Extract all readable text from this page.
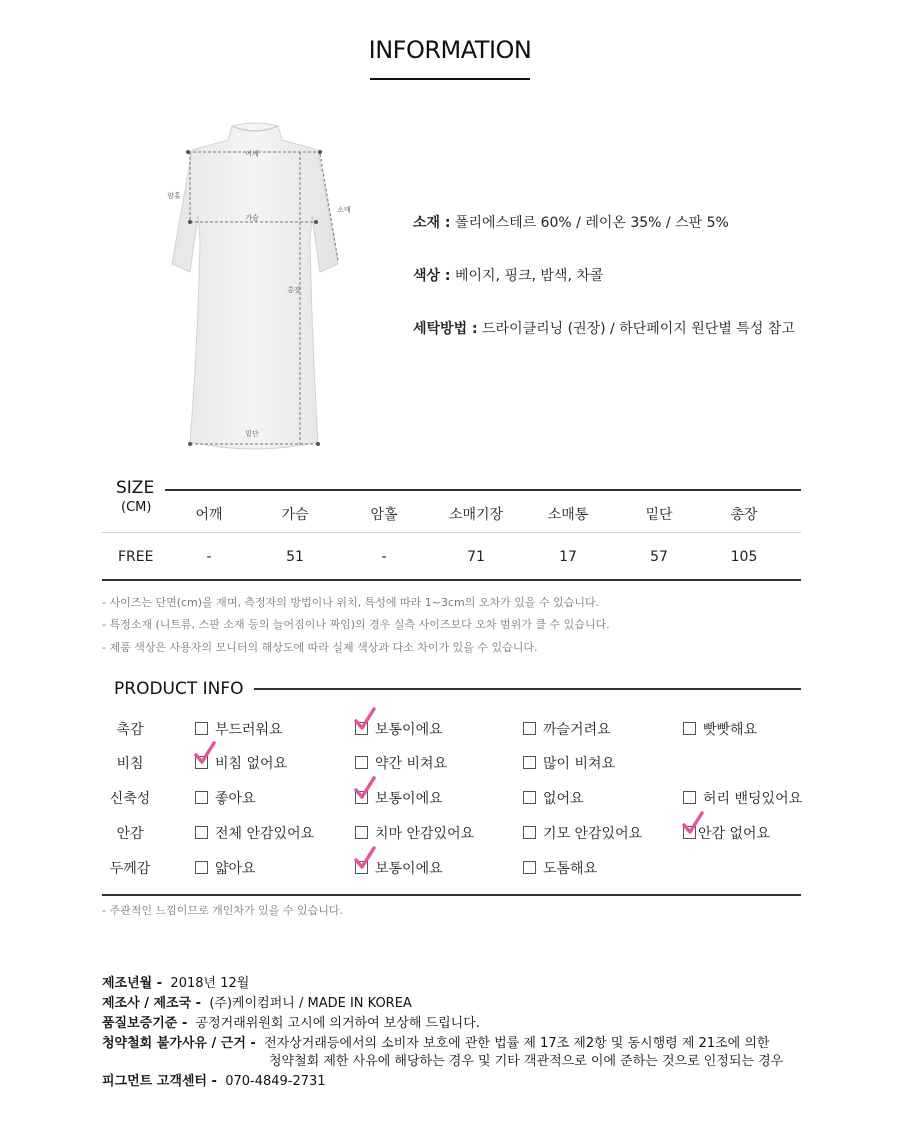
INFORMATION
어깨
암홀
소매
가슴
총장
밑단
소재 : 폴리에스테르 60% / 레이온 35% / 스판 5%
색상 : 베이지, 핑크, 밤색, 차콜
세탁방법 : 드라이클리닝 (권장) / 하단페이지 원단별 특성 참고
SIZE
(CM)	어깨	가슴	암홀	소매기장	소매통	밑단	총장
FREE	-	51	-	71	17	57	105
- 사이즈는 단면(cm)을 재며, 측정자의 방법이나 위치, 특성에 따라 1~3cm의 오차가 있을 수 있습니다.
- 특정소재 (니트류, 스판 소재 등의 늘어짐이나 짜임)의 경우 실측 사이즈보다 오차 범위가 클 수 있습니다.
- 제품 색상은 사용자의 모니터의 해상도에 따라 실제 색상과 다소 차이가 있을 수 있습니다.
PRODUCT INFO
촉감	부드러워요	보통이에요	까슬거려요	빳빳해요
비침	비침 없어요	약간 비쳐요	많이 비쳐요
신축성	좋아요	보통이에요	없어요	허리 밴딩있어요
안감	전체 안감있어요	치마 안감있어요	기모 안감있어요	안감 없어요
두께감	얇아요	보통이에요	도톰해요
- 주관적인 느낌이므로 개인차가 있을 수 있습니다.
제조년월 - 2018년 12월
제조사 / 제조국 - (주)케이컴퍼니 / MADE IN KOREA
품질보증기준 - 공정거래위원회 고시에 의거하여 보상해 드립니다.
청약철회 불가사유 / 근거 - 전자상거래등에서의 소비자 보호에 관한 법률 제 17조 제2항 및 동시행령 제 21조에 의한
청약철회 제한 사유에 해당하는 경우 및 기타 객관적으로 이에 준하는 것으로 인정되는 경우
피그먼트 고객센터 - 070-4849-2731
